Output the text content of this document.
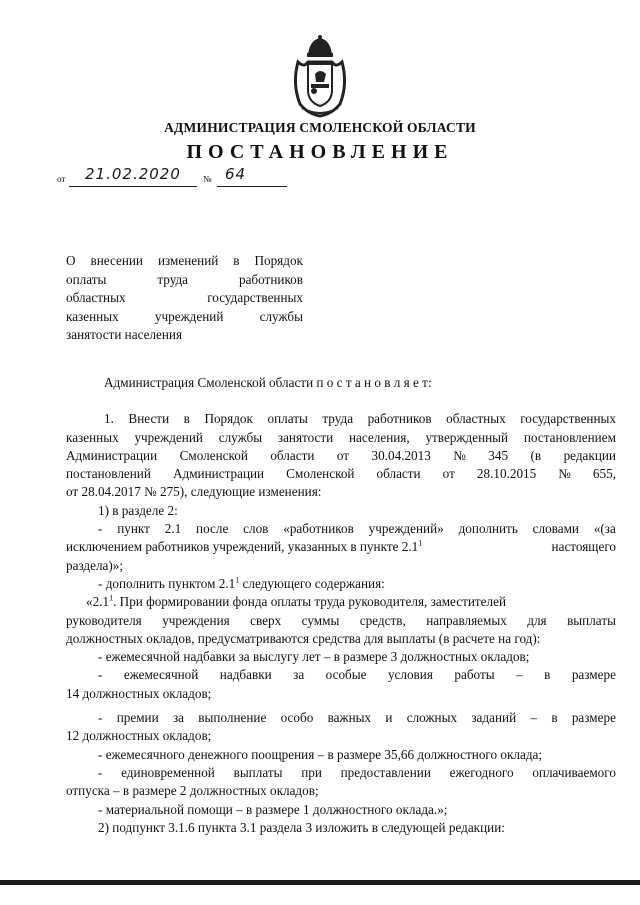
АДМИНИСТРАЦИЯ СМОЛЕНСКОЙ ОБЛАСТИ
ПОСТАНОВЛЕНИЕ
от 21.02.2020 № 64
О внесении изменений в Порядок
оплаты	труда	работников
областных	государственных
казенных	учреждений	службы
занятости населения
Администрация Смоленской области п о с т а н о в л я е т:
1. Внести в Порядок оплаты труда работников областных государственных
казенных учреждений службы занятости населения, утвержденный постановлением
Администрации Смоленской области от 30.04.2013 № 345 (в редакции
постановлений Администрации Смоленской области от 28.10.2015 № 655,
от 28.04.2017 № 275), следующие изменения:
1) в разделе 2:
- пункт 2.1 после слов «работников учреждений» дополнить словами «(за
исключением работников учреждений, указанных в пункте $2.1^1$	настоящего
раздела)»;
- дополнить пунктом $2.1^1$ следующего содержания:
«$2.1^1$. При формировании фонда оплаты труда руководителя, заместителей
руководителя учреждения сверх суммы средств, направляемых для выплаты
должностных окладов, предусматриваются средства для выплаты (в расчете на год):
- ежемесячной надбавки за выслугу лет – в размере 3 должностных окладов;
- ежемесячной надбавки за особые условия работы – в размере
14 должностных окладов;
- премии за выполнение особо важных и сложных заданий – в размере
12 должностных окладов;
- ежемесячного денежного поощрения – в размере 35,66 должностного оклада;
- единовременной выплаты при предоставлении ежегодного оплачиваемого
отпуска – в размере 2 должностных окладов;
- материальной помощи – в размере 1 должностного оклада.»;
2) подпункт 3.1.6 пункта 3.1 раздела 3 изложить в следующей редакции:
